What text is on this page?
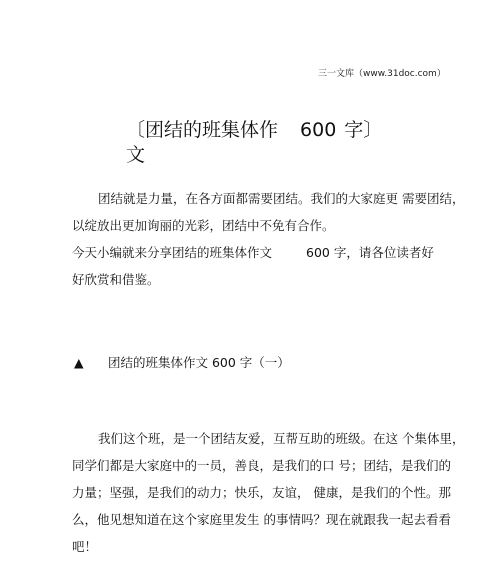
三一文库（www.31doc.com）
〔团结的班集体作 600 字〕
文
团结就是力量，在各方面都需要团结。我们的大家庭更 需要团结，
以绽放出更加询丽的光彩，团结中不免有合作。
今天小编就来分享团结的班集体作文	600 字，请各位读者好
好欣赏和借鉴。
▲ 团结的班集体作文 600 字（一）
我们这个班，是一个团结友爱，互帮互助的班级。在这 个集体里，
同学们都是大家庭中的一员，善良，是我们的口 号；团结，是我们的
力量；坚强，是我们的动力；快乐，友谊， 健康，是我们的个性。那
么，他见想知道在这个家庭里发生 的事情吗？现在就跟我一起去看看
吧！
